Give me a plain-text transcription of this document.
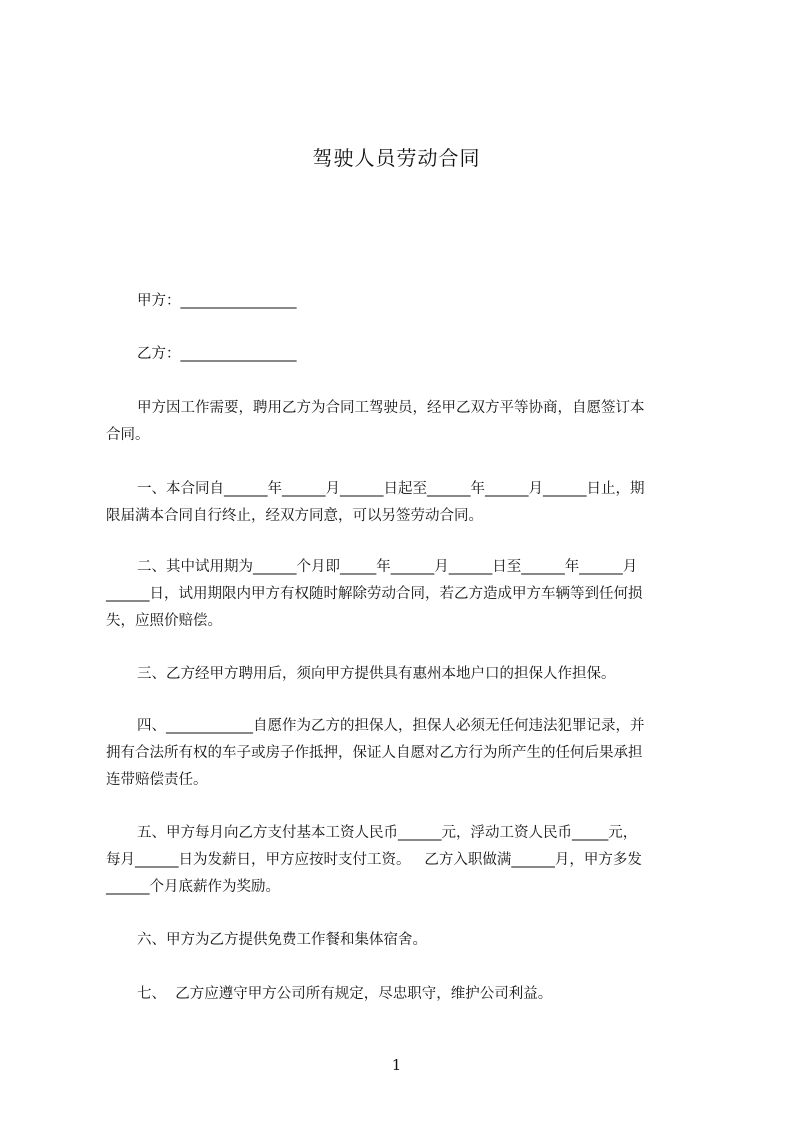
驾驶人员劳动合同
甲方：________________
乙方：________________
甲方因工作需要，聘用乙方为合同工驾驶员，经甲乙双方平等协商，自愿签订本
合同。
一、本合同自______年______月______日起至______年______月______日止，期
限届满本合同自行终止，经双方同意，可以另签劳动合同。
二、其中试用期为______个月即_____年______月______日至______年______月
______日，试用期限内甲方有权随时解除劳动合同，若乙方造成甲方车辆等到任何损
失，应照价赔偿。
三、乙方经甲方聘用后，须向甲方提供具有惠州本地户口的担保人作担保。
四、____________自愿作为乙方的担保人，担保人必须无任何违法犯罪记录，并
拥有合法所有权的车子或房子作抵押，保证人自愿对乙方行为所产生的任何后果承担
连带赔偿责任。
五、甲方每月向乙方支付基本工资人民币______元，浮动工资人民币_____元，
每月______日为发薪日，甲方应按时支付工资。   乙方入职做满______月，甲方多发
______个月底薪作为奖励。
六、甲方为乙方提供免费工作餐和集体宿舍。
七、  乙方应遵守甲方公司所有规定，尽忠职守，维护公司利益。
1
